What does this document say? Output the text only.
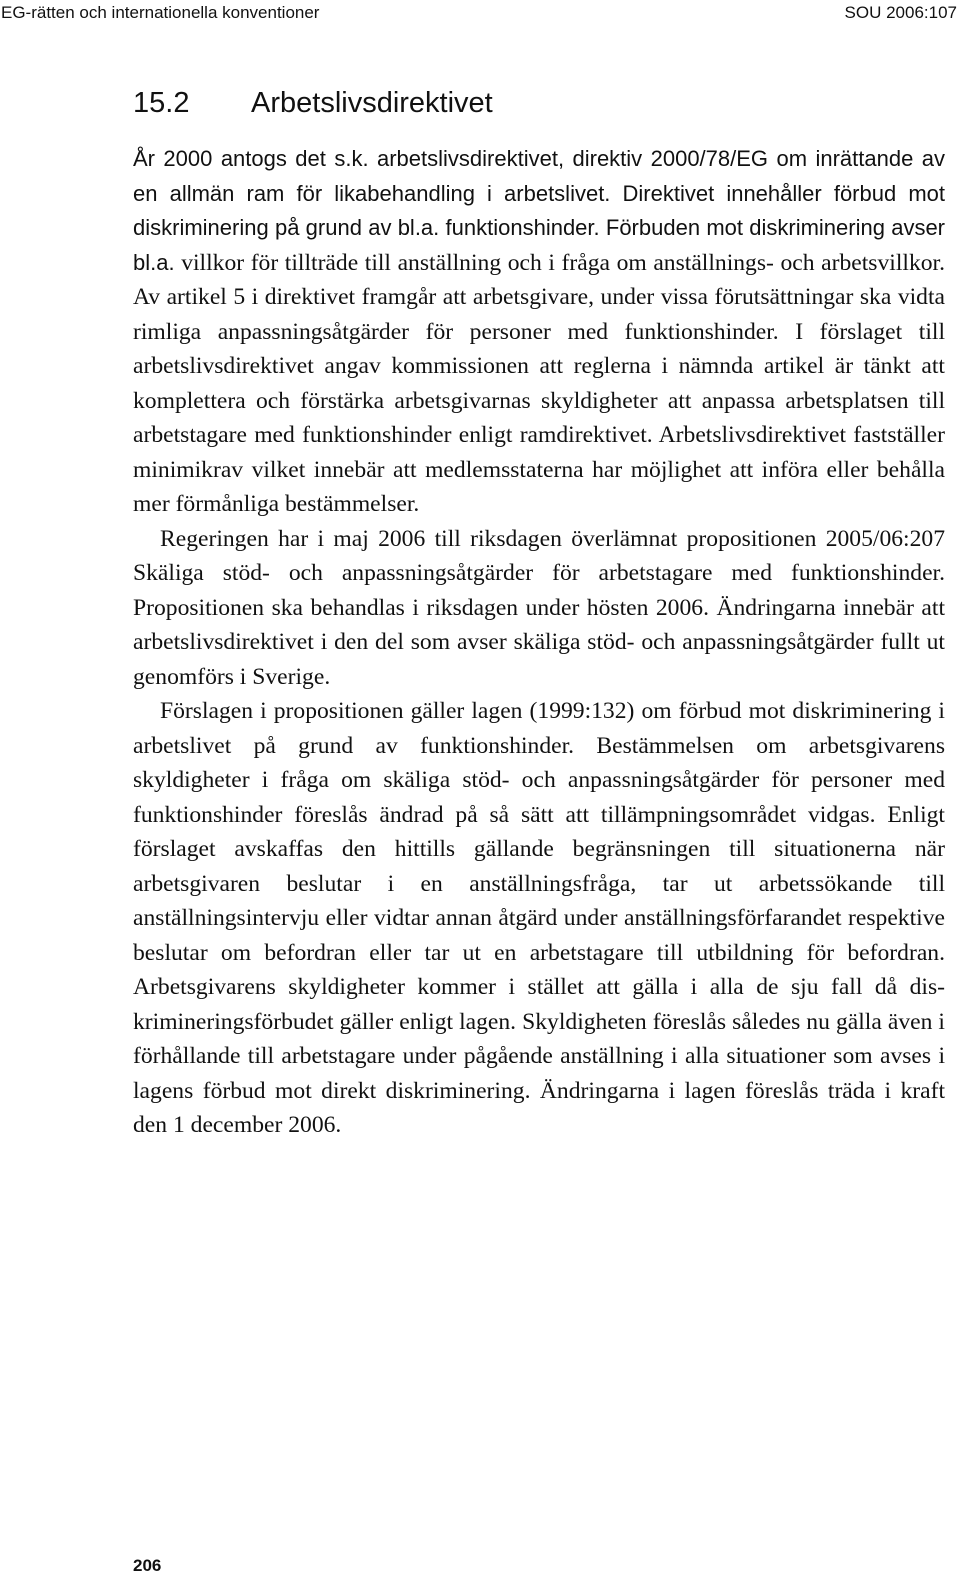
EG-rätten och internationella konventioner	SOU 2006:107
15.2 Arbetslivsdirektivet

År 2000 antogs det s.k. arbetslivsdirektivet, direktiv 2000/78/EG om inrättande av en allmän ram för likabehandling i arbetslivet. Direktivet innehåller förbud mot diskriminering på grund av bl.a. funktionshinder. Förbuden mot diskriminering avser bl.a. villkor för tillträde till anställning och i fråga om anställnings- och arbetsvillkor. Av artikel 5 i direktivet framgår att arbetsgivare, under vissa förutsättningar ska vidta rimliga anpassningsåtgärder för personer med funktionshinder. I förslaget till arbetslivsdirektivet angav kommissionen att reglerna i nämnda artikel är tänkt att komplettera och förstärka arbetsgivarnas skyldigheter att anpassa arbetsplatsen till arbetstagare med funktionshinder enligt ramdirektivet. Arbetslivsdirektivet fastställer minimikrav vilket innebär att medlemsstaterna har möjlighet att införa eller behålla mer förmånliga bestämmelser.

Regeringen har i maj 2006 till riksdagen överlämnat propositionen 2005/06:207 Skäliga stöd- och anpassningsåtgärder för arbetstagare med funktionshinder. Propositionen ska behandlas i riksdagen under hösten 2006. Ändringarna innebär att arbetslivsdirektivet i den del som avser skäliga stöd- och anpassningsåtgärder fullt ut genomförs i Sverige.

Förslagen i propositionen gäller lagen (1999:132) om förbud mot diskriminering i arbetslivet på grund av funktionshinder. Bestämmelsen om arbetsgivarens skyldigheter i fråga om skäliga stöd- och anpassningsåtgärder för personer med funktionshinder föreslås ändrad på så sätt att tillämpningsområdet vidgas. Enligt förslaget avskaffas den hittills gällande begränsningen till situationerna när arbetsgivaren beslutar i en anställningsfråga, tar ut arbetssökande till anställningsintervju eller vidtar annan åtgärd under anställningsförfarandet respektive beslutar om befordran eller tar ut en arbetstagare till utbildning för befordran. Arbetsgivarens skyldigheter kommer i stället att gälla i alla de sju fall då diskrimineringsförbudet gäller enligt lagen. Skyldigheten föreslås således nu gälla även i förhållande till arbetstagare under pågående anställning i alla situationer som avses i lagens förbud mot direkt diskriminering. Ändringarna i lagen föreslås träda i kraft den 1 december 2006.

206
